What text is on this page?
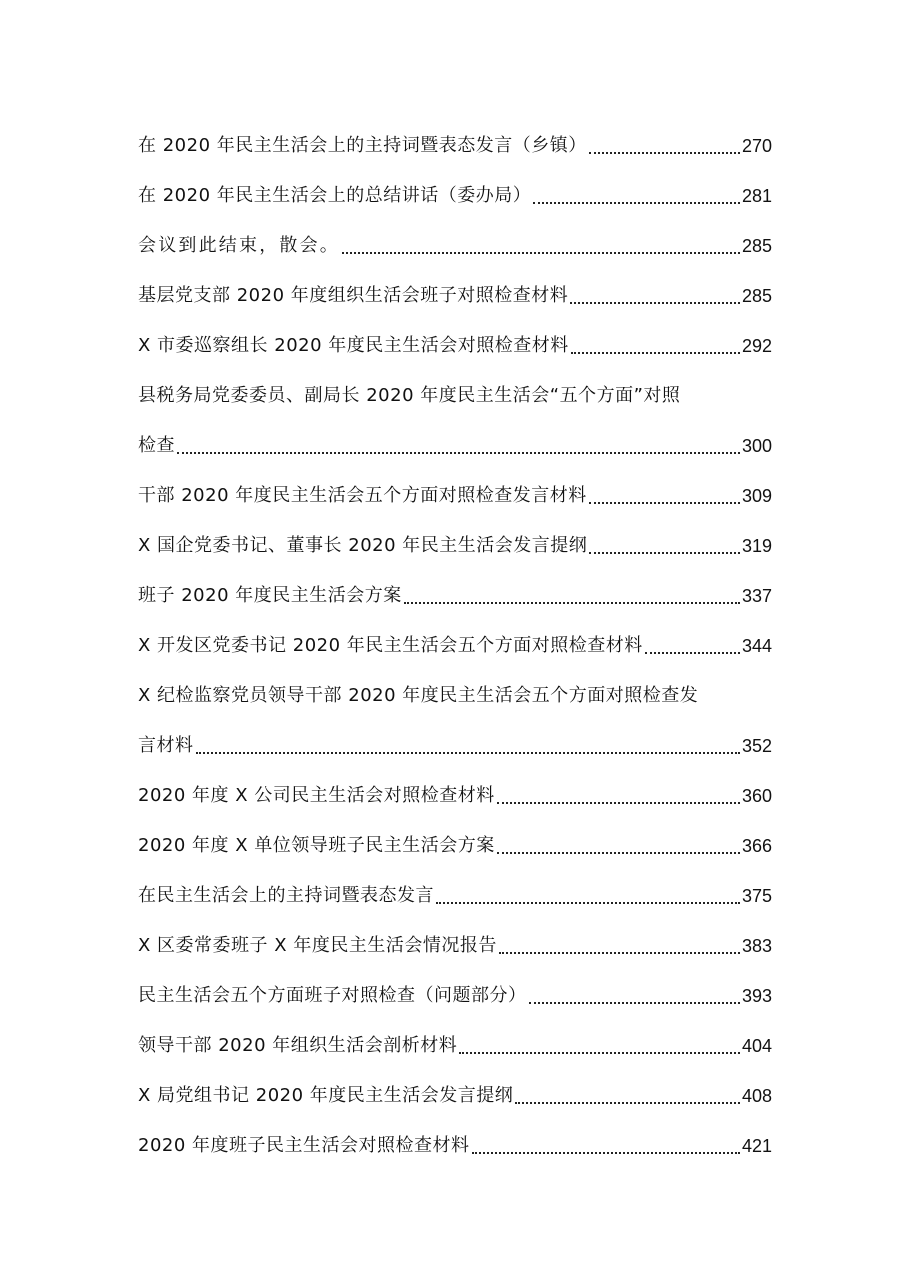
在 2020 年民主生活会上的主持词暨表态发言（乡镇）	270
在 2020 年民主生活会上的总结讲话（委办局）	281
会议到此结束，散会。	285
基层党支部 2020 年度组织生活会班子对照检查材料	285
X 市委巡察组长 2020 年度民主生活会对照检查材料	292
县税务局党委委员、副局长 2020 年度民主生活会“五个方面”对照
检查	300
干部 2020 年度民主生活会五个方面对照检查发言材料	309
X 国企党委书记、董事长 2020 年民主生活会发言提纲	319
班子 2020 年度民主生活会方案	337
X 开发区党委书记 2020 年民主生活会五个方面对照检查材料	344
X 纪检监察党员领导干部 2020 年度民主生活会五个方面对照检查发
言材料	352
2020 年度 X 公司民主生活会对照检查材料	360
2020 年度 X 单位领导班子民主生活会方案	366
在民主生活会上的主持词暨表态发言	375
X 区委常委班子 X 年度民主生活会情况报告	383
民主生活会五个方面班子对照检查（问题部分）	393
领导干部 2020 年组织生活会剖析材料	404
X 局党组书记 2020 年度民主生活会发言提纲	408
2020 年度班子民主生活会对照检查材料	421
